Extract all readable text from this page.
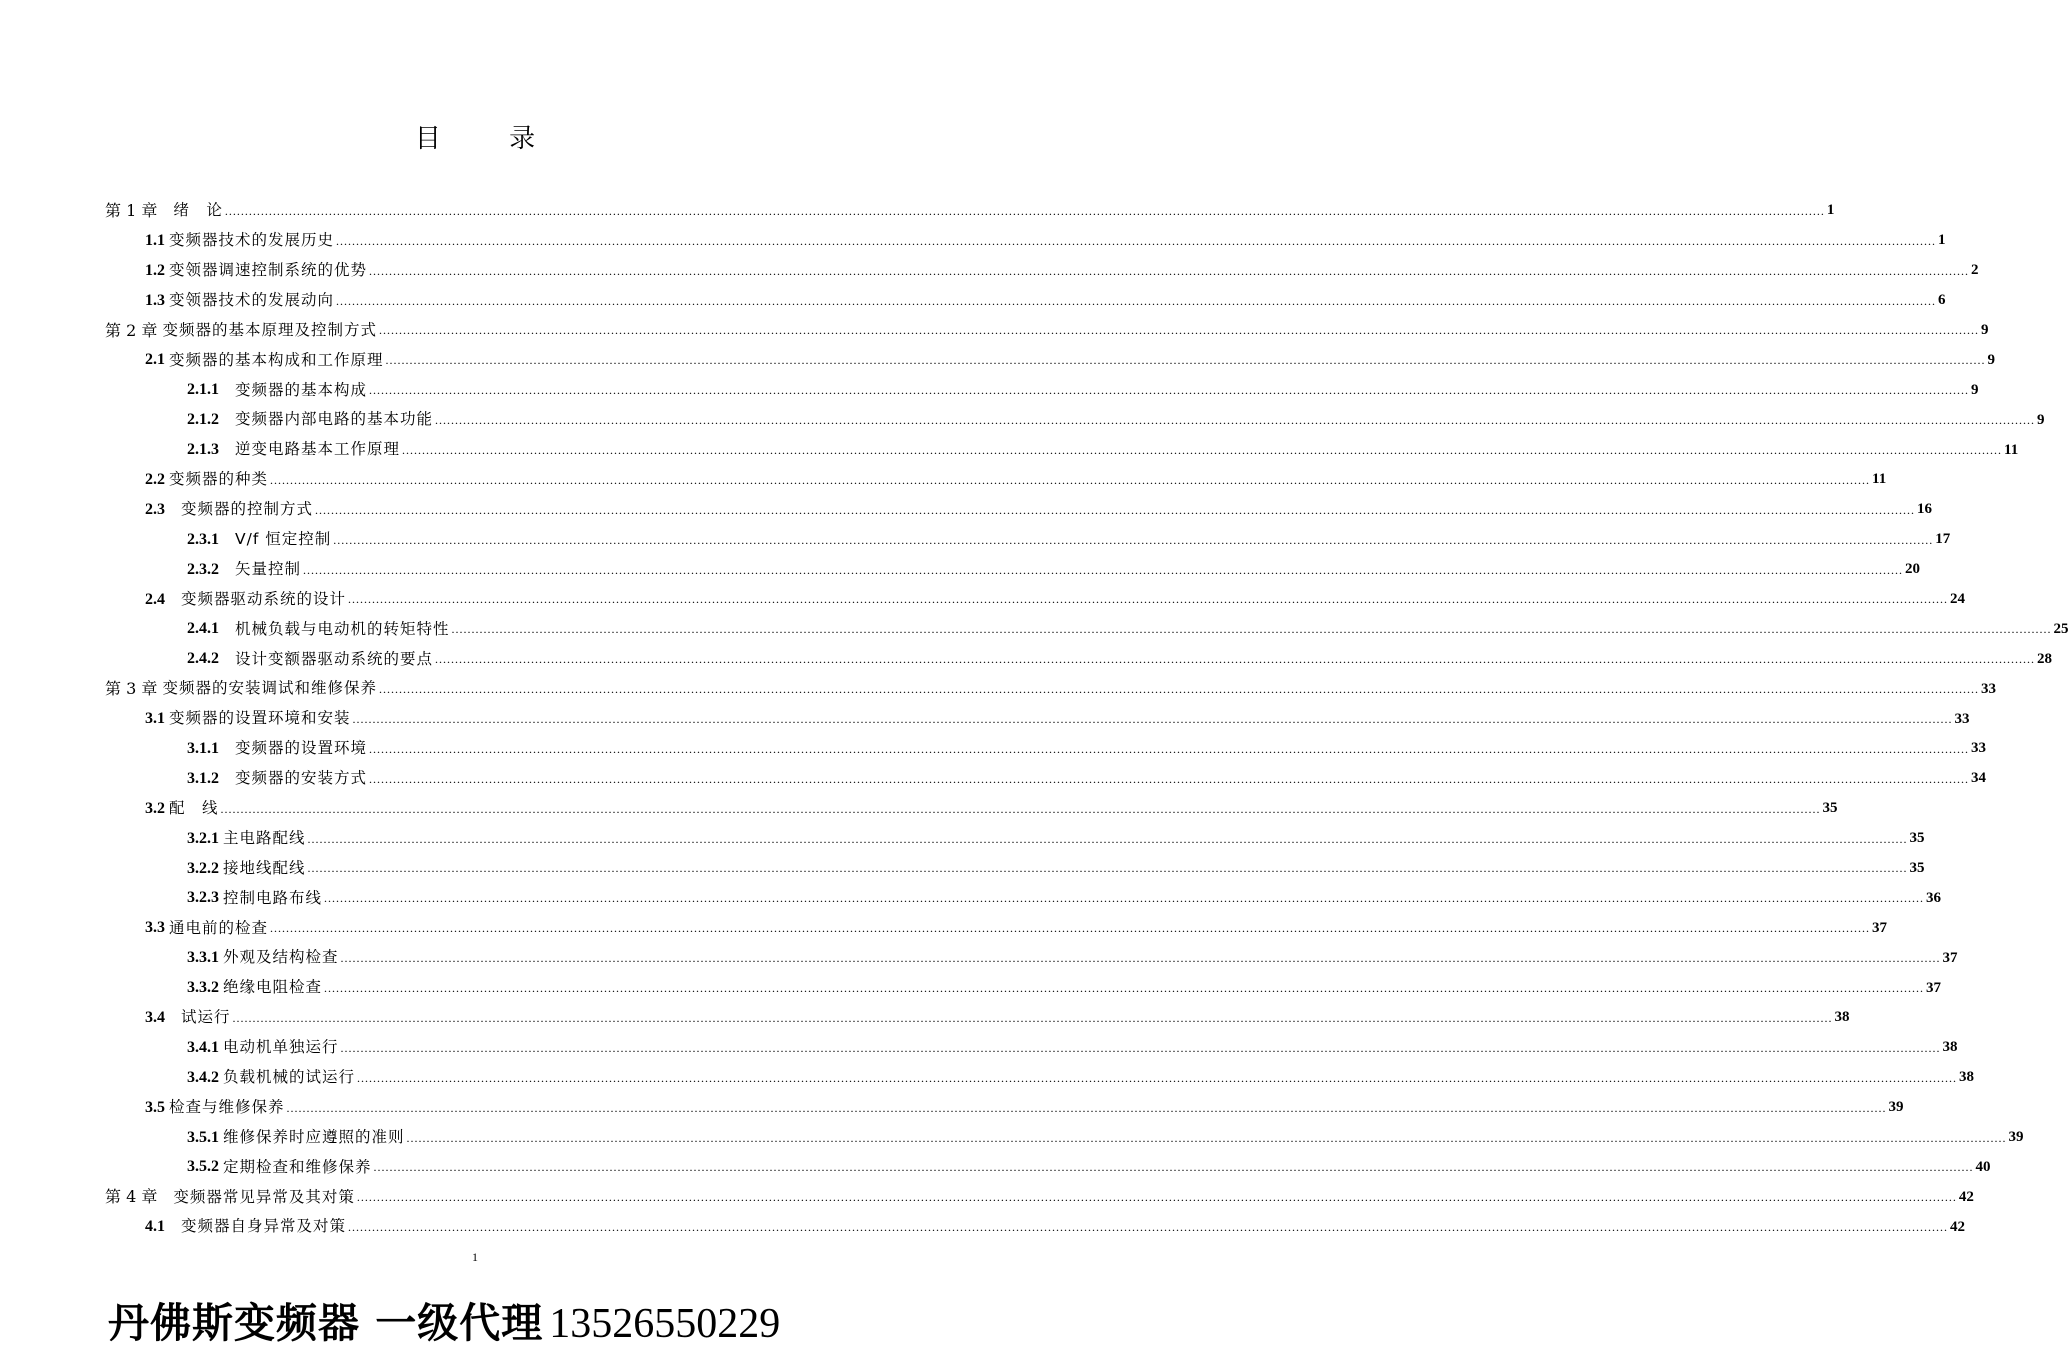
目 录
第 1 章　 绪　论 ................................................................................................................................................................................................................................................................................................................................................................................................................ 1
1.1 变频器技术的发展历史 ................................................................................................................................................................................................................................................................................................................................................................................................................ 1
1.2 变领器调速控制系统的优势 ................................................................................................................................................................................................................................................................................................................................................................................................................ 2
1.3 变领器技术的发展动向 ................................................................................................................................................................................................................................................................................................................................................................................................................ 6
第 2 章 变频器的基本原理及控制方式 ................................................................................................................................................................................................................................................................................................................................................................................................................ 9
2.1 变频器的基本构成和工作原理 ................................................................................................................................................................................................................................................................................................................................................................................................................ 9
2.1.1　 变频器的基本构成 ................................................................................................................................................................................................................................................................................................................................................................................................................ 9
2.1.2　 变频器内部电路的基本功能 ................................................................................................................................................................................................................................................................................................................................................................................................................ 9
2.1.3　 逆变电路基本工作原理 ................................................................................................................................................................................................................................................................................................................................................................................................................ 11
2.2 变频器的种类 ................................................................................................................................................................................................................................................................................................................................................................................................................ 11
2.3　 变频器的控制方式 ................................................................................................................................................................................................................................................................................................................................................................................................................ 16
2.3.1　 V/f 恒定控制 ................................................................................................................................................................................................................................................................................................................................................................................................................ 17
2.3.2　 矢量控制 ................................................................................................................................................................................................................................................................................................................................................................................................................ 20
2.4　 变频器驱动系统的设计 ................................................................................................................................................................................................................................................................................................................................................................................................................ 24
2.4.1　 机械负载与电动机的转矩特性 ................................................................................................................................................................................................................................................................................................................................................................................................................ 25
2.4.2　 设计变额器驱动系统的要点 ................................................................................................................................................................................................................................................................................................................................................................................................................ 28
第 3 章 变频器的安装调试和维修保养 ................................................................................................................................................................................................................................................................................................................................................................................................................ 33
3.1 变频器的设置环境和安装 ................................................................................................................................................................................................................................................................................................................................................................................................................ 33
3.1.1　 变频器的设置环境 ................................................................................................................................................................................................................................................................................................................................................................................................................ 33
3.1.2　 变频器的安装方式 ................................................................................................................................................................................................................................................................................................................................................................................................................ 34
3.2 配　线 ................................................................................................................................................................................................................................................................................................................................................................................................................ 35
3.2.1 主电路配线 ................................................................................................................................................................................................................................................................................................................................................................................................................ 35
3.2.2 接地线配线 ................................................................................................................................................................................................................................................................................................................................................................................................................ 35
3.2.3 控制电路布线 ................................................................................................................................................................................................................................................................................................................................................................................................................ 36
3.3 通电前的检查 ................................................................................................................................................................................................................................................................................................................................................................................................................ 37
3.3.1 外观及结构检查 ................................................................................................................................................................................................................................................................................................................................................................................................................ 37
3.3.2 绝缘电阻检查 ................................................................................................................................................................................................................................................................................................................................................................................................................ 37
3.4　 试运行 ................................................................................................................................................................................................................................................................................................................................................................................................................ 38
3.4.1 电动机单独运行 ................................................................................................................................................................................................................................................................................................................................................................................................................ 38
3.4.2 负载机械的试运行 ................................................................................................................................................................................................................................................................................................................................................................................................................ 38
3.5 检查与维修保养 ................................................................................................................................................................................................................................................................................................................................................................................................................ 39
3.5.1 维修保养时应遵照的准则 ................................................................................................................................................................................................................................................................................................................................................................................................................ 39
3.5.2 定期检查和维修保养 ................................................................................................................................................................................................................................................................................................................................................................................................................ 40
第 4 章　 变频器常见异常及其对策 ................................................................................................................................................................................................................................................................................................................................................................................................................ 42
4.1　 变频器自身异常及对策 ................................................................................................................................................................................................................................................................................................................................................................................................................ 42
1
丹佛斯变频器 一级代理 13526550229
